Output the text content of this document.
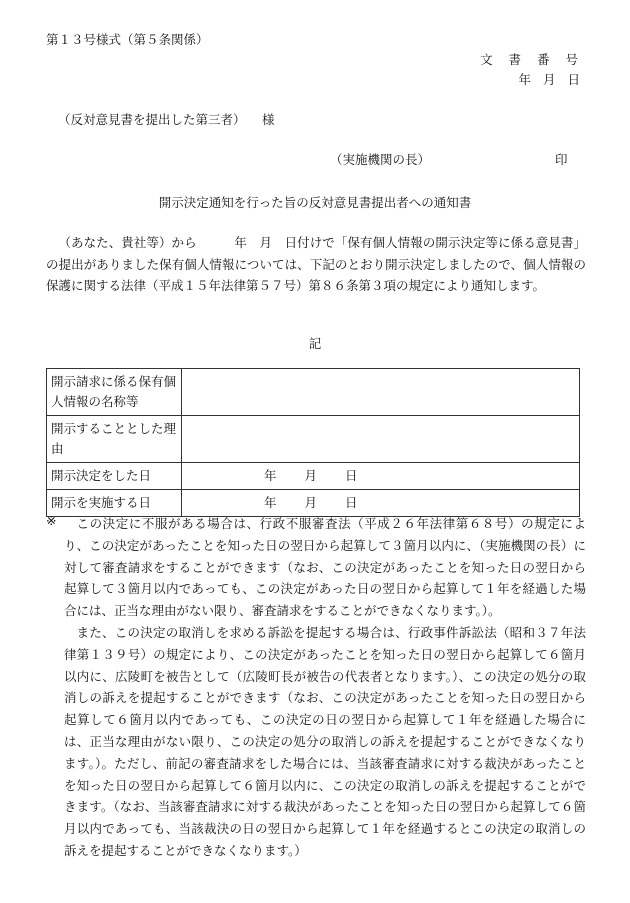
第１３号様式（第５条関係）
文 書 番 号
年 月 日
（反対意見書を提出した第三者） 様
（実施機関の長）	印
開示決定通知を行った旨の反対意見書提出者への通知書

（あなた、貴社等）から　　　年　月　日付けで「保有個人情報の開示決定等に係る意見書」の提出がありました保有個人情報については、下記のとおり開示決定しましたので、個人情報の保護に関する法律（平成１５年法律第５７号）第８６条第３項の規定により通知します。

記
開示請求に係る保有個人情報の名称等	
開示することとした理由	
開示決定をした日	年 月 日
開示を実施する日	年 月 日
※	この決定に不服がある場合は、行政不服審査法（平成２６年法律第６８号）の規定により、この決定があったことを知った日の翌日から起算して３箇月以内に、（実施機関の長）に対して審査請求をすることができます（なお、この決定があったことを知った日の翌日から起算して３箇月以内であっても、この決定があった日の翌日から起算して１年を経過した場合には、正当な理由がない限り、審査請求をすることができなくなります。）。

また、この決定の取消しを求める訴訟を提起する場合は、行政事件訴訟法（昭和３７年法律第１３９号）の規定により、この決定があったことを知った日の翌日から起算して６箇月以内に、広陵町を被告として（広陵町長が被告の代表者となります。）、この決定の処分の取消しの訴えを提起することができます（なお、この決定があったことを知った日の翌日から起算して６箇月以内であっても、この決定の日の翌日から起算して１年を経過した場合には、正当な理由がない限り、この決定の処分の取消しの訴えを提起することができなくなります。）。ただし、前記の審査請求をした場合には、当該審査請求に対する裁決があったことを知った日の翌日から起算して６箇月以内に、この決定の取消しの訴えを提起することができます。（なお、当該審査請求に対する裁決があったことを知った日の翌日から起算して６箇月以内であっても、当該裁決の日の翌日から起算して１年を経過するとこの決定の取消しの訴えを提起することができなくなります。）
